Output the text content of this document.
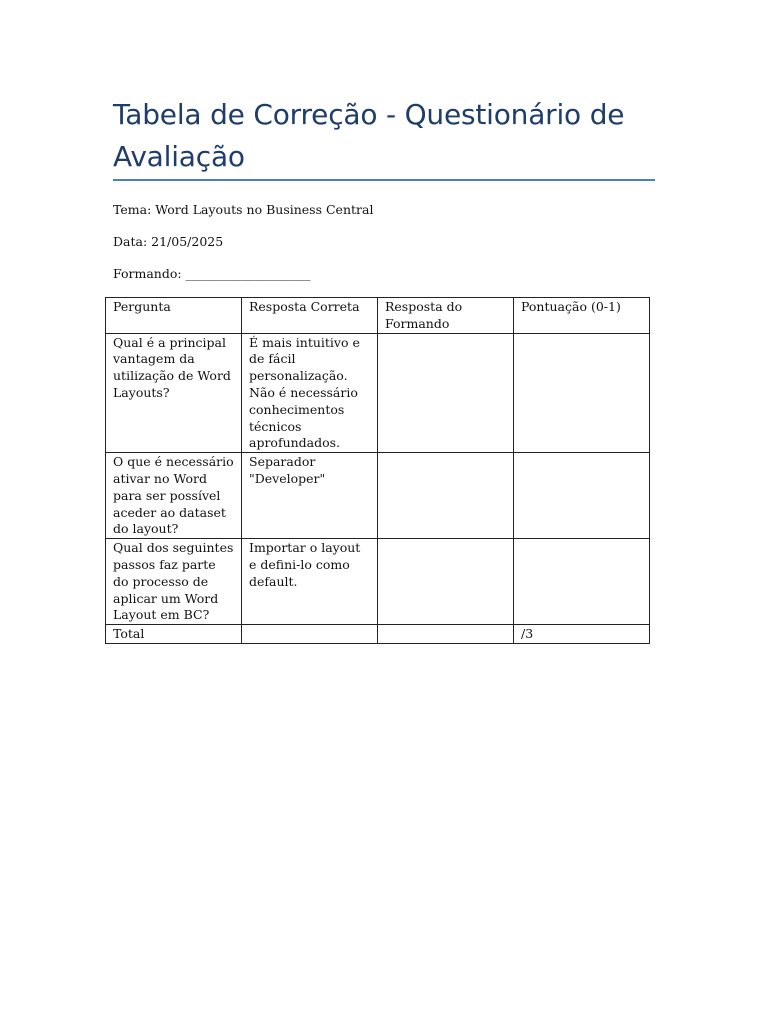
Tabela de Correção - Questionário de Avaliação

Tema: Word Layouts no Business Central

Data: 21/05/2025

Formando: ____________________

Pergunta	Resposta Correta	Resposta do Formando	Pontuação (0-1)
Qual é a principal vantagem da utilização de Word Layouts?	É mais intuitivo e de fácil personalização. Não é necessário conhecimentos técnicos aprofundados.		
O que é necessário ativar no Word para ser possível aceder ao dataset do layout?	Separador "Developer"		
Qual dos seguintes passos faz parte do processo de aplicar um Word Layout em BC?	Importar o layout e defini-lo como default.		
Total			/3
